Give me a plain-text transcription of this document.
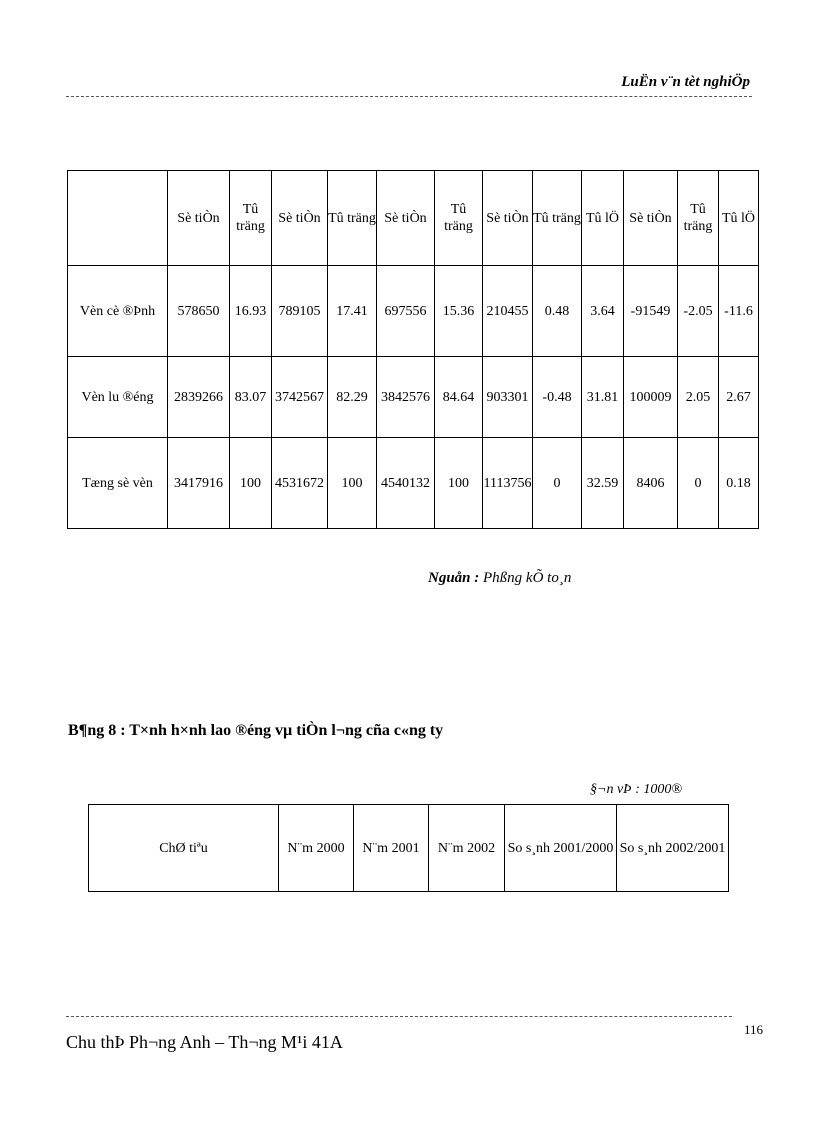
LuËn v¨n tèt nghiÖp
	Sè tiÒn	Tû träng	Sè tiÒn	Tû träng	Sè tiÒn	Tû träng	Sè tiÒn	Tû träng	Tû lÖ	Sè tiÒn	Tû träng	Tû lÖ
Vèn cè ®Þnh	578650	16.93	789105	17.41	697556	15.36	210455	0.48	3.64	-91549	-2.05	-11.6
Vèn lu ®éng	2839266	83.07	3742567	82.29	3842576	84.64	903301	-0.48	31.81	100009	2.05	2.67
Tæng sè vèn	3417916	100	4531672	100	4540132	100	1113756	0	32.59	8406	0	0.18
Nguån : Phßng kÕ to¸n
B¶ng 8 : T×nh h×nh lao ®éng vµ tiÒn l¬ng cña c«ng ty
§¬n vÞ : 1000®
ChØ tiªu	N¨m 2000	N¨m 2001	N¨m 2002	So s¸nh 2001/2000	So s¸nh 2002/2001
Chu thÞ Ph¬ng Anh – Th¬ng M¹i 41A
116
